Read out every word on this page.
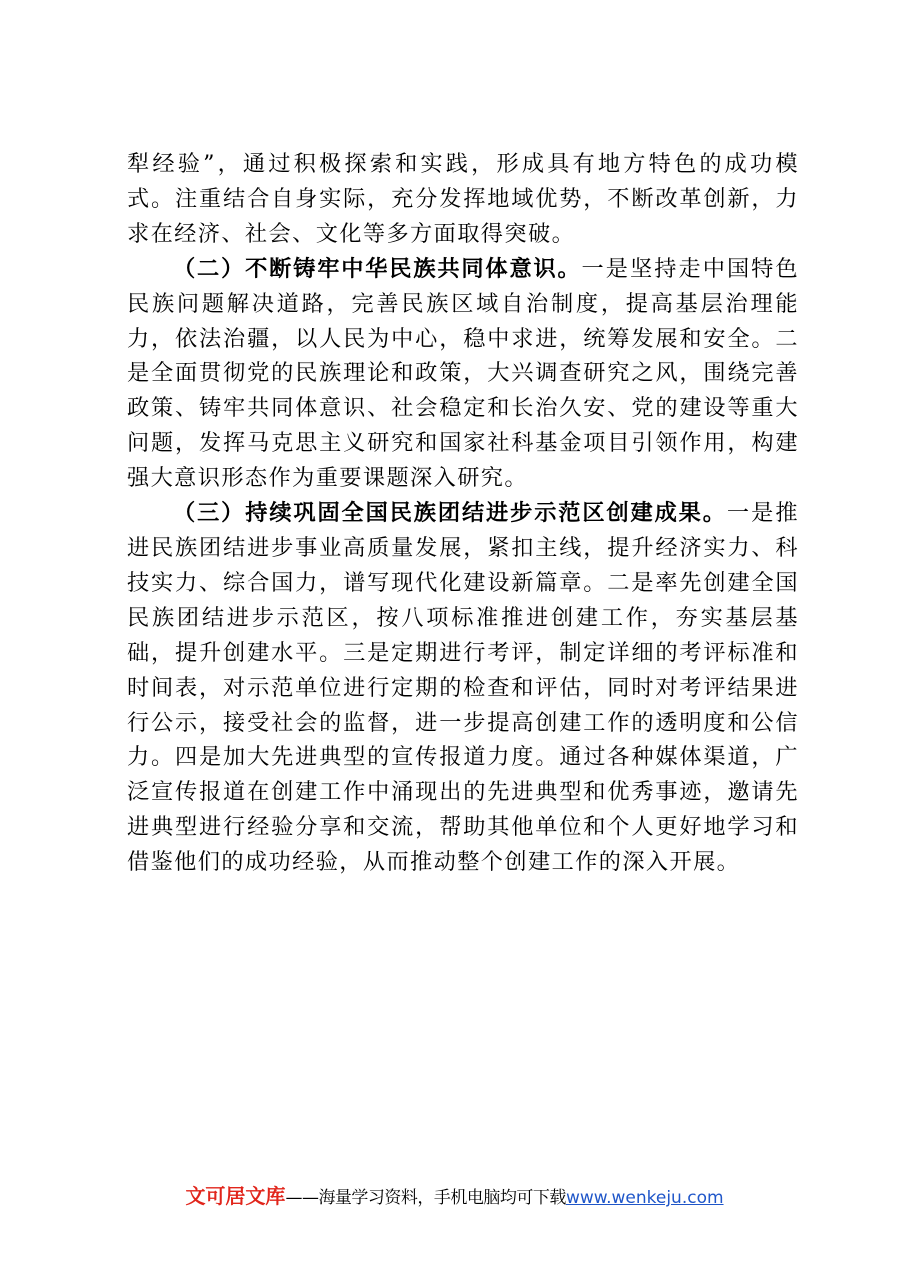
犁经验”，通过积极探索和实践，形成具有地方特色的成功模式。注重结合自身实际，充分发挥地域优势，不断改革创新，力求在经济、社会、文化等多方面取得突破。

（二）不断铸牢中华民族共同体意识。一是坚持走中国特色民族问题解决道路，完善民族区域自治制度，提高基层治理能力，依法治疆，以人民为中心，稳中求进，统筹发展和安全。二是全面贯彻党的民族理论和政策，大兴调查研究之风，围绕完善政策、铸牢共同体意识、社会稳定和长治久安、党的建设等重大问题，发挥马克思主义研究和国家社科基金项目引领作用，构建强大意识形态作为重要课题深入研究。

（三）持续巩固全国民族团结进步示范区创建成果。一是推进民族团结进步事业高质量发展，紧扣主线，提升经济实力、科技实力、综合国力，谱写现代化建设新篇章。二是率先创建全国民族团结进步示范区，按八项标准推进创建工作，夯实基层基础，提升创建水平。三是定期进行考评，制定详细的考评标准和时间表，对示范单位进行定期的检查和评估，同时对考评结果进行公示，接受社会的监督，进一步提高创建工作的透明度和公信力。四是加大先进典型的宣传报道力度。通过各种媒体渠道，广泛宣传报道在创建工作中涌现出的先进典型和优秀事迹，邀请先进典型进行经验分享和交流，帮助其他单位和个人更好地学习和借鉴他们的成功经验，从而推动整个创建工作的深入开展。

文可居文库——海量学习资料，手机电脑均可下载www.wenkeju.com
